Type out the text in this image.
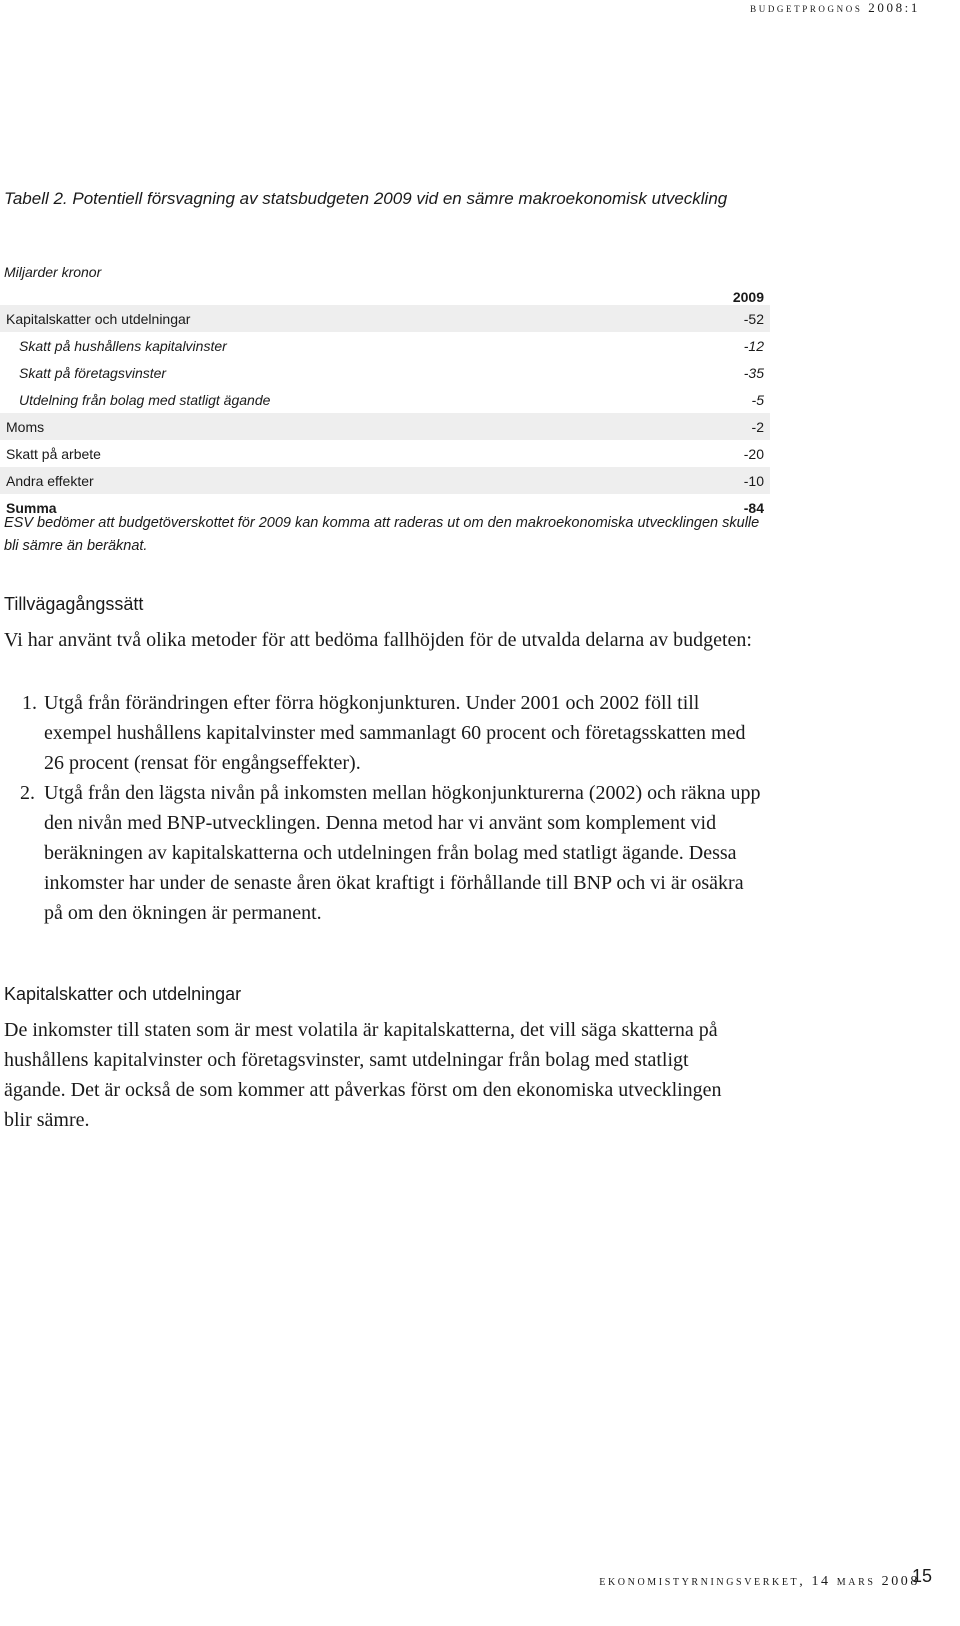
budgetprognos 2008:1
Tabell 2. Potentiell försvagning av statsbudgeten 2009 vid en sämre makroekonomisk utveckling
Miljarder kronor
	2009
Kapitalskatter och utdelningar	-52
Skatt på hushållens kapitalvinster	-12
Skatt på företagsvinster	-35
Utdelning från bolag med statligt ägande	-5
Moms	-2
Skatt på arbete	-20
Andra effekter	-10
Summa	-84

ESV bedömer att budgetöverskottet för 2009 kan komma att raderas ut om den makroekonomiska utvecklingen skulle bli sämre än beräknat.

Tillvägagångssätt

Vi har använt två olika metoder för att bedöma fallhöjden för de utvalda delarna av budgeten:

1. Utgå från förändringen efter förra högkonjunkturen. Under 2001 och 2002 föll till exempel hushållens kapitalvinster med sammanlagt 60 procent och företagsskatten med 26 procent (rensat för engångseffekter).
2. Utgå från den lägsta nivån på inkomsten mellan högkonjunkturerna (2002) och räkna upp den nivån med BNP-utvecklingen. Denna metod har vi använt som komplement vid beräkningen av kapitalskatterna och utdelningen från bolag med statligt ägande. Dessa inkomster har under de senaste åren ökat kraftigt i förhållande till BNP och vi är osäkra på om den ökningen är permanent.
Kapitalskatter och utdelningar

De inkomster till staten som är mest volatila är kapitalskatterna, det vill säga skatterna på hushållens kapitalvinster och företagsvinster, samt utdelningar från bolag med statligt ägande. Det är också de som kommer att påverkas först om den ekonomiska utvecklingen blir sämre.

ekonomistyrningsverket, 14 mars 2008
15
